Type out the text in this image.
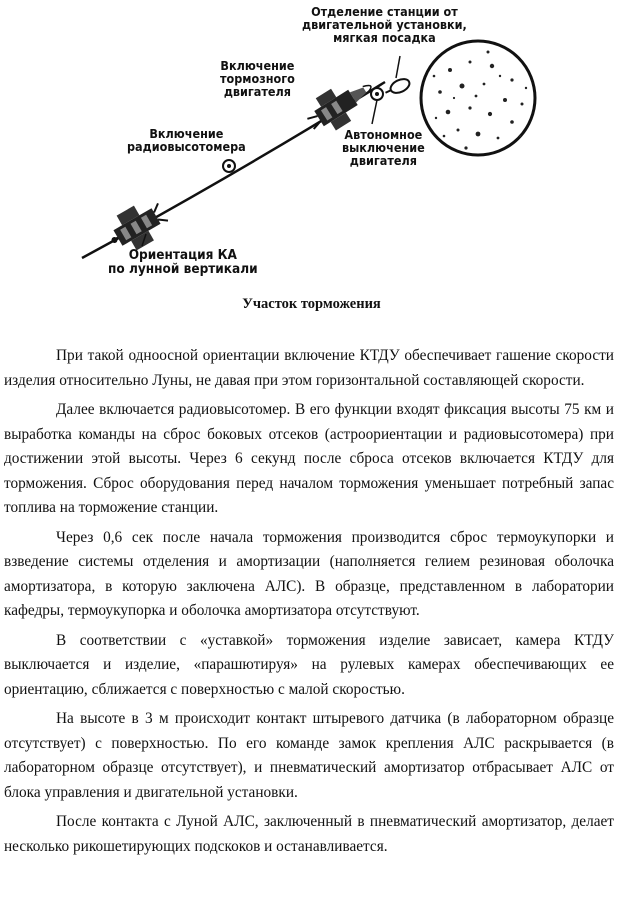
Отделение станции от
двигательной установки,
мягкая посадка
Включение
тормозного
двигателя
Включение
радиовысотомера
Автономное
выключение
двигателя
Ориентация КА
по лунной вертикали
Участок торможения

При такой одноосной ориентации включение КТДУ обеспечивает гашение скорости изделия относительно Луны, не давая при этом горизонтальной составляющей скорости.

Далее включается радиовысотомер. В его функции входят фиксация высоты 75 км и выработка команды на сброс боковых отсеков (астроориентации и радиовысотомера) при достижении этой высоты. Через 6 секунд после сброса отсеков включается КТДУ для торможения. Сброс оборудования перед началом торможения уменьшает потребный запас топлива на торможение станции.

Через 0,6 сек после начала торможения производится сброс термоукупорки и взведение системы отделения и амортизации (наполняется гелием резиновая оболочка амортизатора, в которую заключена АЛС). В образце, представленном в лаборатории кафедры, термоукупорка и оболочка амортизатора отсутствуют.

В соответствии с «уставкой» торможения изделие зависает, камера КТДУ выключается и изделие, «парашютируя» на рулевых камерах обеспечивающих ее ориентацию, сближается с поверхностью с малой скоростью.

На высоте в 3 м происходит контакт штыревого датчика (в лабораторном образце отсутствует) с поверхностью. По его команде замок крепления АЛС раскрывается (в лабораторном образце отсутствует), и пневматический амортизатор отбрасывает АЛС от блока управления и двигательной установки.

После контакта с Луной АЛС, заключенный в пневматический амортизатор, делает несколько рикошетирующих подскоков и останавливается.
